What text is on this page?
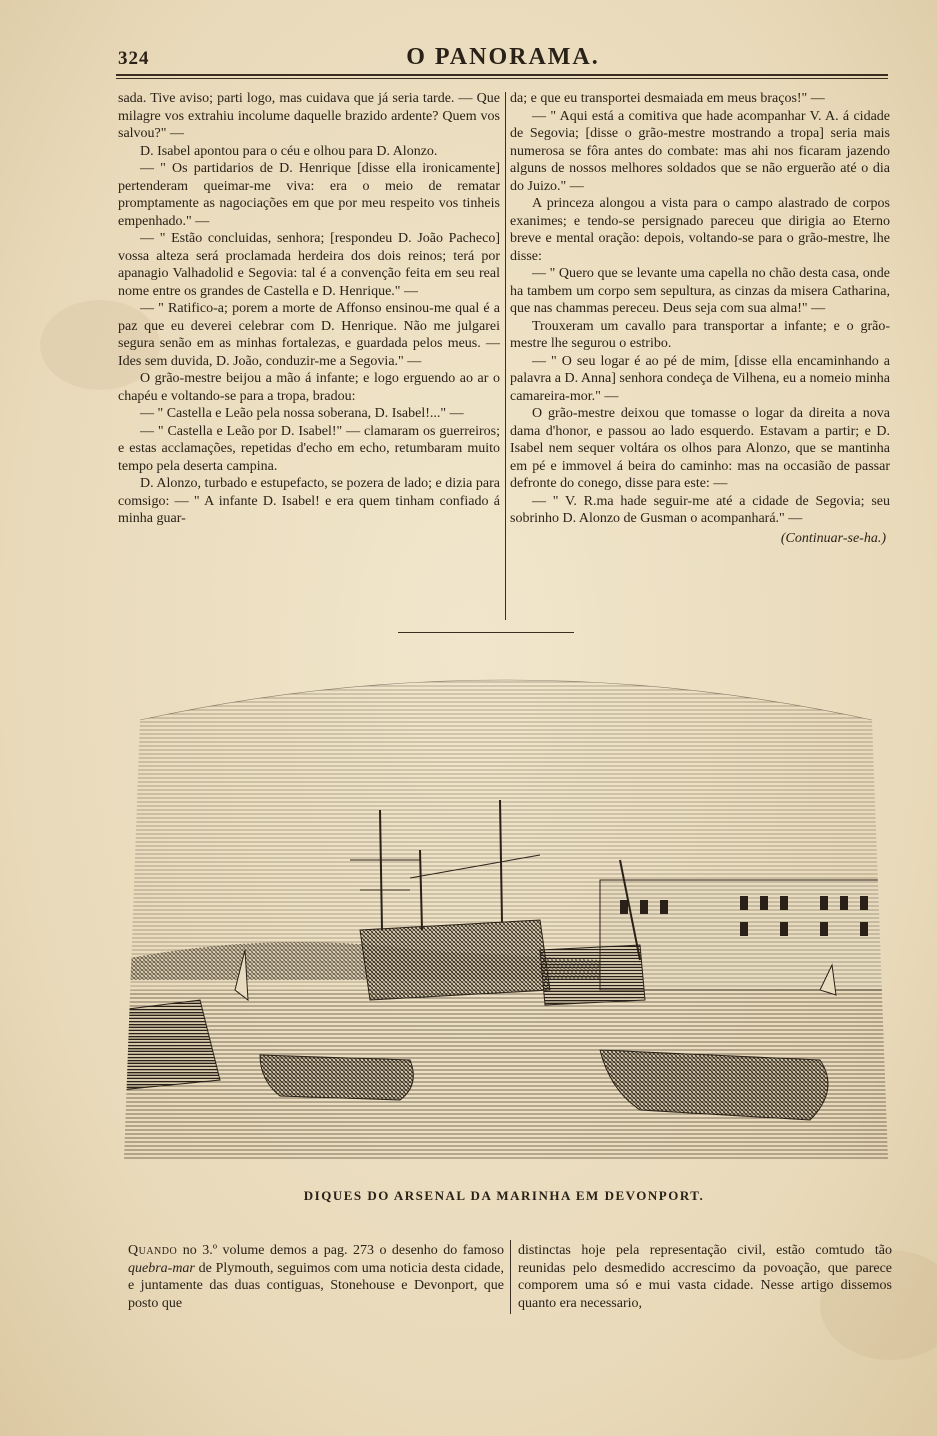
324	O PANORAMA.

sada. Tive aviso; parti logo, mas cuidava que já seria tarde. — Que milagre vos extrahiu incolume daquelle brazido ardente? Quem vos salvou?" —

D. Isabel apontou para o céu e olhou para D. Alonzo.

— " Os partidarios de D. Henrique [disse ella ironicamente] pertenderam queimar-me viva: era o meio de rematar promptamente as nagociações em que por meu respeito vos tinheis empenhado." —

— " Estão concluidas, senhora; [respondeu D. João Pacheco] vossa alteza será proclamada herdeira dos dois reinos; terá por apanagio Valhadolid e Segovia: tal é a convenção feita em seu real nome entre os grandes de Castella e D. Henrique." —

— " Ratifico-a; porem a morte de Affonso ensinou-me qual é a paz que eu deverei celebrar com D. Henrique. Não me julgarei segura senão em as minhas fortalezas, e guardada pelos meus. — Ides sem duvida, D. João, conduzir-me a Segovia." —

O grão-mestre beijou a mão á infante; e logo erguendo ao ar o chapéu e voltando-se para a tropa, bradou:

— " Castella e Leão pela nossa soberana, D. Isabel!..." —

— " Castella e Leão por D. Isabel!" — clamaram os guerreiros; e estas acclamações, repetidas d'echo em echo, retumbaram muito tempo pela deserta campina.

D. Alonzo, turbado e estupefacto, se pozera de lado; e dizia para comsigo: — " A infante D. Isabel! e era quem tinham confiado á minha guar-

da; e que eu transportei desmaiada em meus braços!" —

— " Aqui está a comitiva que hade acompanhar V. A. á cidade de Segovia; [disse o grão-mestre mostrando a tropa] seria mais numerosa se fôra antes do combate: mas ahi nos ficaram jazendo alguns de nossos melhores soldados que se não erguerão até o dia do Juizo." —

A princeza alongou a vista para o campo alastrado de corpos exanimes; e tendo-se persignado pareceu que dirigia ao Eterno breve e mental oração: depois, voltando-se para o grão-mestre, lhe disse:

— " Quero que se levante uma capella no chão desta casa, onde ha tambem um corpo sem sepultura, as cinzas da misera Catharina, que nas chammas pereceu. Deus seja com sua alma!" —

Trouxeram um cavallo para transportar a infante; e o grão-mestre lhe segurou o estribo.

— " O seu logar é ao pé de mim, [disse ella encaminhando a palavra a D. Anna] senhora condeça de Vilhena, eu a nomeio minha camareira-mor." —

O grão-mestre deixou que tomasse o logar da direita a nova dama d'honor, e passou ao lado esquerdo. Estavam a partir; e D. Isabel nem sequer voltára os olhos para Alonzo, que se mantinha em pé e immovel á beira do caminho: mas na occasião de passar defronte do conego, disse para este: —

— " V. R.ma hade seguir-me até a cidade de Segovia; seu sobrinho D. Alonzo de Gusman o acompanhará." —

(Continuar-se-ha.)

DIQUES DO ARSENAL DA MARINHA EM DEVONPORT.

Quando no 3.º volume demos a pag. 273 o desenho do famoso quebra-mar de Plymouth, seguimos com uma noticia desta cidade, e juntamente das duas contiguas, Stonehouse e Devonport, que posto que

distinctas hoje pela representação civil, estão comtudo tão reunidas pelo desmedido accrescimo da povoação, que parece comporem uma só e mui vasta cidade. Nesse artigo dissemos quanto era necessario,
